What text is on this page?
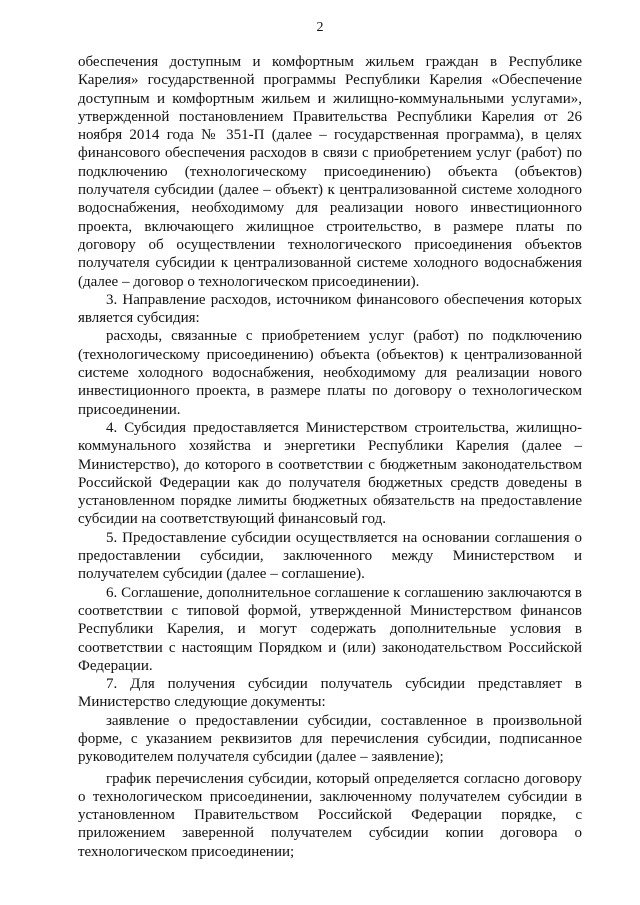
2

обеспечения доступным и комфортным жильем граждан в Республике Карелия» государственной программы Республики Карелия «Обеспечение доступным и комфортным жильем и жилищно-коммунальными услугами», утвержденной постановлением Правительства Республики Карелия от 26 ноября 2014 года № 351-П (далее – государственная программа), в целях финансового обеспечения расходов в связи с приобретением услуг (работ) по подключению (технологическому присоединению) объекта (объектов) получателя субсидии (далее – объект) к централизованной системе холодного водоснабжения, необходимому для реализации нового инвестиционного проекта, включающего жилищное строительство, в размере платы по договору об осуществлении технологического присоединения объектов получателя субсидии к централизованной системе холодного водоснабжения (далее – договор о технологическом присоединении).

3. Направление расходов, источником финансового обеспечения которых является субсидия:

расходы, связанные с приобретением услуг (работ) по подключению (технологическому присоединению) объекта (объектов) к централизованной системе холодного водоснабжения, необходимому для реализации нового инвестиционного проекта, в размере платы по договору о технологическом присоединении.

4. Субсидия предоставляется Министерством строительства, жилищно-коммунального хозяйства и энергетики Республики Карелия (далее – Министерство), до которого в соответствии с бюджетным законодательством Российской Федерации как до получателя бюджетных средств доведены в установленном порядке лимиты бюджетных обязательств на предоставление субсидии на соответствующий финансовый год.

5. Предоставление субсидии осуществляется на основании соглашения о предоставлении субсидии, заключенного между Министерством и получателем субсидии (далее – соглашение).

6. Соглашение, дополнительное соглашение к соглашению заключаются в соответствии с типовой формой, утвержденной Министерством финансов Республики Карелия, и могут содержать дополнительные условия в соответствии с настоящим Порядком и (или) законодательством Российской Федерации.

7. Для получения субсидии получатель субсидии представляет в Министерство следующие документы:

заявление о предоставлении субсидии, составленное в произвольной форме, с указанием реквизитов для перечисления субсидии, подписанное руководителем получателя субсидии (далее – заявление);

график перечисления субсидии, который определяется согласно договору о технологическом присоединении, заключенному получателем субсидии в установленном Правительством Российской Федерации порядке, с приложением заверенной получателем субсидии копии договора о технологическом присоединении;
